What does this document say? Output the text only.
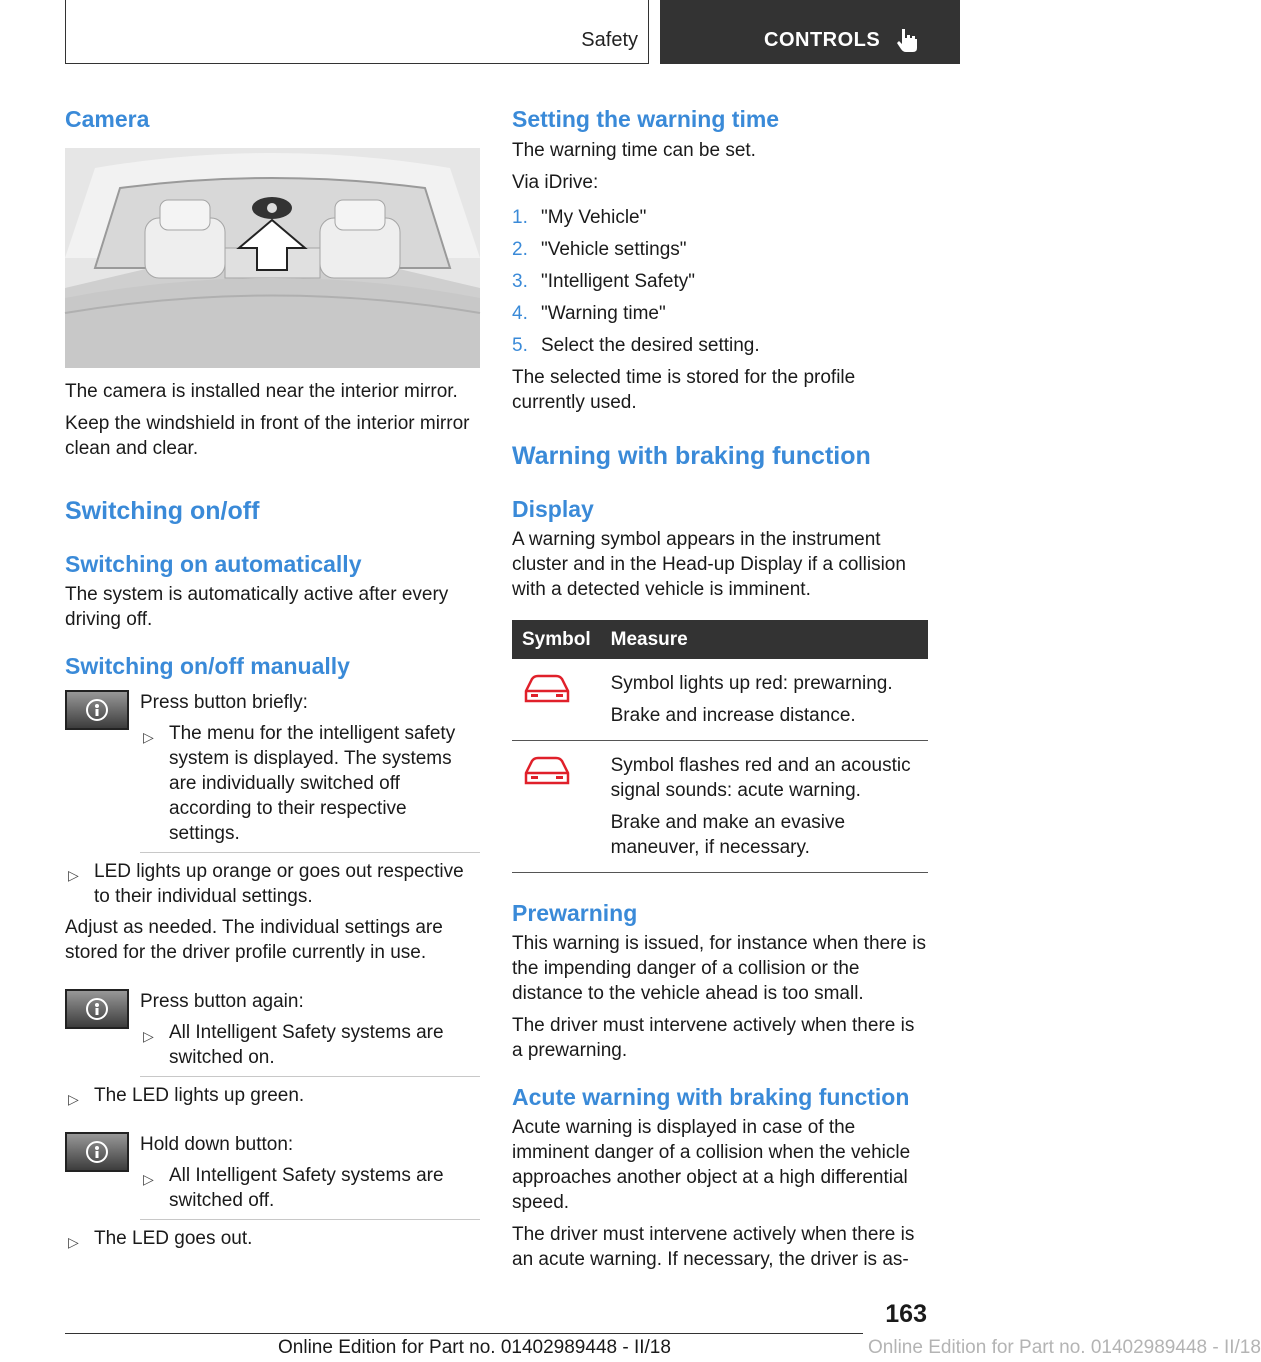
Safety	CONTROLS
Camera
The camera is installed near the interior mirror.
Keep the windshield in front of the interior mirror clean and clear.
Switching on/off
Switching on automatically
The system is automatically active after every driving off.
Switching on/off manually
Press button briefly:
▷ The menu for the intelligent safety system is displayed. The systems are individually switched off according to their respective settings.
▷ LED lights up orange or goes out respective to their individual settings.
Adjust as needed. The individual settings are stored for the driver profile currently in use.
Press button again:
▷ All Intelligent Safety systems are switched on.
▷ The LED lights up green.
Hold down button:
▷ All Intelligent Safety systems are switched off.
▷ The LED goes out.
Setting the warning time
The warning time can be set.
Via iDrive:
1. "My Vehicle"
2. "Vehicle settings"
3. "Intelligent Safety"
4. "Warning time"
5. Select the desired setting.
The selected time is stored for the profile currently used.
Warning with braking function
Display
A warning symbol appears in the instrument cluster and in the Head-up Display if a collision with a detected vehicle is imminent.
Symbol	Measure

Symbol lights up red: prewarning.
Brake and increase distance.

Symbol flashes red and an acoustic signal sounds: acute warning.
Brake and make an evasive maneuver, if necessary.
Prewarning
This warning is issued, for instance when there is the impending danger of a collision or the distance to the vehicle ahead is too small.
The driver must intervene actively when there is a prewarning.
Acute warning with braking function
Acute warning is displayed in case of the imminent danger of a collision when the vehicle approaches another object at a high differential speed.
The driver must intervene actively when there is an acute warning. If necessary, the driver is as-
163
Online Edition for Part no. 01402989448 - II/18	Online Edition for Part no. 01402989448 - II/18
